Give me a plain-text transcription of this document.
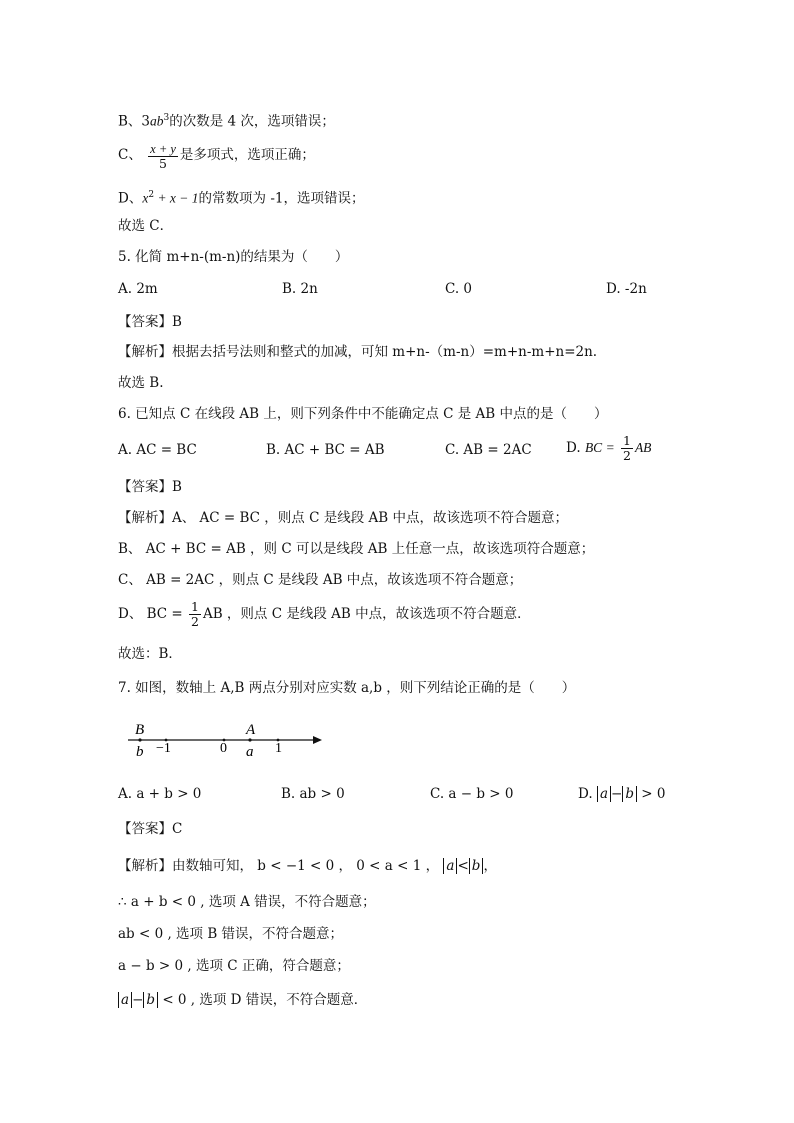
B、$3ab^3$的次数是 4 次，选项错误；
C、 $\frac{x + y}{5}$ 是多项式，选项正确；
D、$x^2 + x - 1$的常数项为 -1，选项错误；
故选 C．
5. 化简 m+n-(m-n)的结果为（　　）
A. 2m	B. 2n	C. 0	D. -2n
【答案】B
【解析】根据去括号法则和整式的加减，可知 m+n-（m-n）=m+n-m+n=2n.
故选 B.
6. 已知点 C 在线段 AB 上，则下列条件中不能确定点 C 是 AB 中点的是（　　）
A. AC = BC	B. AC + BC = AB	C. AB = 2AC	D. BC = $\frac{1}{2}$ AB
【答案】B
【解析】A、 AC = BC ，则点 C 是线段 AB 中点，故该选项不符合题意；
B、 AC + BC = AB ，则 C 可以是线段 AB 上任意一点，故该选项符合题意；
C、 AB = 2AC ，则点 C 是线段 AB 中点，故该选项不符合题意；
D、 BC = $\frac{1}{2}$ AB ，则点 C 是线段 AB 中点，故该选项不符合题意．
故选：B．
7. 如图，数轴上 A,B 两点分别对应实数 a,b ，则下列结论正确的是（　　）
B
b −1	0
A
a 1
A. a + b > 0	B. ab > 0	C. a − b > 0	D. a − b > 0
【答案】C
【解析】由数轴可知， b < −1 < 0 ， 0 < a < 1 ， a < b ，
∴ a + b < 0 , 选项 A 错误，不符合题意；
ab < 0 , 选项 B 错误，不符合题意；
a − b > 0 , 选项 C 正确，符合题意；
a − b < 0 , 选项 D 错误，不符合题意．
